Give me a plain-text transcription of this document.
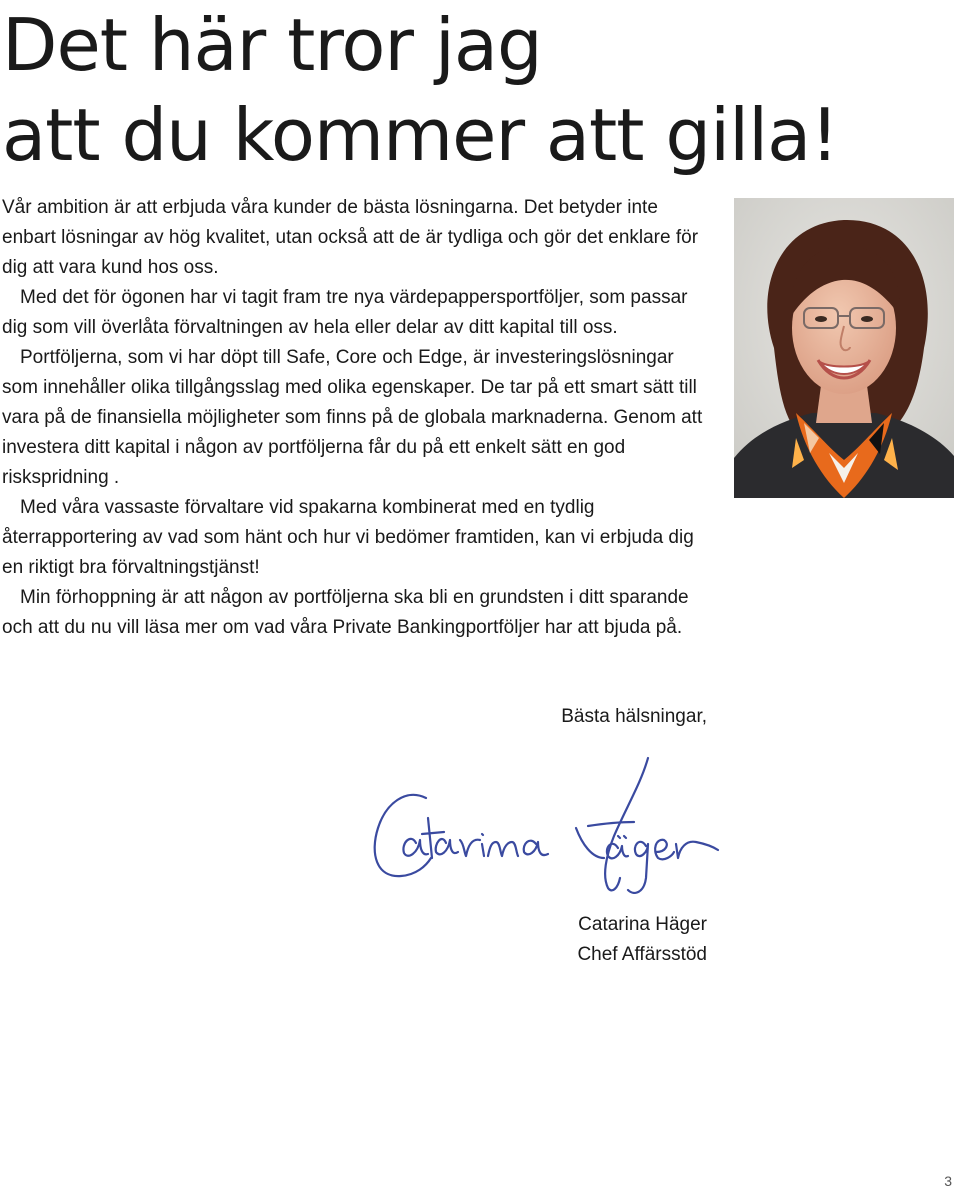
Det här tror jag
att du kommer att gilla!

Vår ambition är att erbjuda våra kunder de bästa lösningarna. Det betyder inte enbart lösningar av hög kvalitet, utan också att de är tydliga och gör det enklare för dig att vara kund hos oss.

Med det för ögonen har vi tagit fram tre nya värdepappersportföljer, som passar dig som vill överlåta förvaltningen av hela eller delar av ditt kapital till oss.

Portföljerna, som vi har döpt till Safe, Core och Edge, är investeringslösningar som innehåller olika tillgångsslag med olika egenskaper. De tar på ett smart sätt till vara på de finansiella möjligheter som finns på de globala marknaderna. Genom att investera ditt kapital i någon av portföljerna får du på ett enkelt sätt en god riskspridning .

Med våra vassaste förvaltare vid spakarna kombinerat med en tydlig återrapportering av vad som hänt och hur vi bedömer framtiden, kan vi erbjuda dig en riktigt bra förvaltningstjänst!

Min förhoppning är att någon av portföljerna ska bli en grundsten i ditt sparande och att du nu vill läsa mer om vad våra Private Bankingportföljer har att bjuda på.

Bästa hälsningar,
Catarina Häger
Chef Affärsstöd
3
